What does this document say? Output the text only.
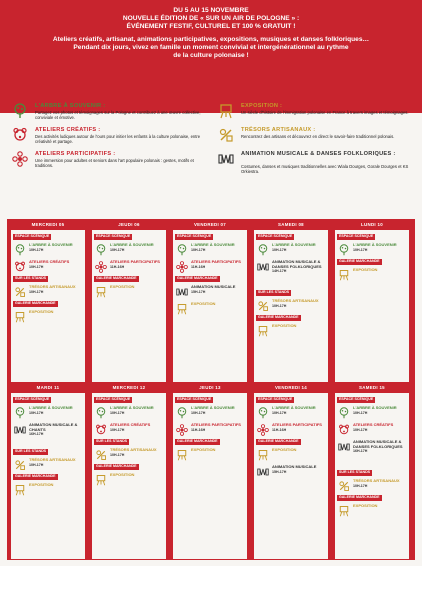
DU 5 AU 15 NOVEMBRE
NOUVELLE ÉDITION DE « SUR UN AIR DE POLOGNE » :
ÉVÉNEMENT FESTIF, CULTUREL ET 100 % GRATUIT !
Ateliers créatifs, artisanat, animations participatives, expositions, musiques et danses folkloriques…
Pendant dix jours, vivez en famille un moment convivial et intergénérationnel au rythme
de la culture polonaise !
L'ARBRE À SOUVENIR :
Partagez vos photos et témoignages sur la Pologne et contribuez à une œuvre collective, conviviale et émotive.
ATELIERS CRÉATIFS :
Des activités ludiques autour de l'ours pour initier les enfants à la culture polonaise, entre créativité et partage.
ATELIERS PARTICIPATIFS :
Une immersion pour adultes et seniors dans l'art populaire polonais : gestes, motifs et traditions.
EXPOSITION :
Un siècle d'histoire de l'immigration polonaise en France à travers images et témoignages.
TRÉSORS ARTISANAUX :
Rencontrez des artisans et découvrez en direct le savoir-faire traditionnel polonais.
ANIMATION MUSICALE & DANSES FOLKLORIQUES :
Costumes, danses et musiques traditionnelles avec Wiala Dourges, Gorale Dourges et KS Orkiestra.
MERCREDI 05
ESPACE SCÉNIQUE
L'ARBRE À SOUVENIR

10H-17H
ATELIERS CRÉATIFS

10H-17H
SUR LES STANDS
TRÉSORS ARTISANAUX

10H-17H
GALERIE MARCHANDE
EXPOSITION
JEUDI 06
ESPACE SCÉNIQUE
L'ARBRE À SOUVENIR

10H-17H
ATELIERS PARTICIPATIFS

11H-16H
GALERIE MARCHANDE
EXPOSITION
VENDREDI 07
ESPACE SCÉNIQUE
L'ARBRE À SOUVENIR

10H-17H
ATELIERS PARTICIPATIFS

11H-16H
GALERIE MARCHANDE
ANIMATION MUSICALE

15H-17H
EXPOSITION
SAMEDI 08
ESPACE SCÉNIQUE
L'ARBRE À SOUVENIR

10H-17H
ANIMATION MUSICALE & DANSES FOLKLORIQUES

14H-17H
SUR LES STANDS
TRÉSORS ARTISANAUX

10H-17H
GALERIE MARCHANDE
EXPOSITION
LUNDI 10
ESPACE SCÉNIQUE
L'ARBRE À SOUVENIR

10H-17H
GALERIE MARCHANDE
EXPOSITION
MARDI 11
ESPACE SCÉNIQUE
L'ARBRE À SOUVENIR

10H-17H
ANIMATION MUSICALE & CHANTS

16H-17H
SUR LES STANDS
TRÉSORS ARTISANAUX

10H-17H
GALERIE MARCHANDE
EXPOSITION
MERCREDI 12
ESPACE SCÉNIQUE
L'ARBRE À SOUVENIR

10H-17H
ATELIERS CRÉATIFS

10H-17H
SUR LES STANDS
TRÉSORS ARTISANAUX

10H-17H
GALERIE MARCHANDE
EXPOSITION
JEUDI 13
ESPACE SCÉNIQUE
L'ARBRE À SOUVENIR

10H-17H
ATELIERS PARTICIPATIFS

11H-16H
GALERIE MARCHANDE
EXPOSITION
VENDREDI 14
ESPACE SCÉNIQUE
L'ARBRE À SOUVENIR

10H-17H
ATELIERS PARTICIPATIFS

11H-16H
GALERIE MARCHANDE
EXPOSITION
ANIMATION MUSICALE

15H-17H
SAMEDI 15
ESPACE SCÉNIQUE
L'ARBRE À SOUVENIR

10H-17H
ATELIERS CRÉATIFS

10H-17H
ANIMATION MUSICALE & DANSES FOLKLORIQUES

16H-17H
SUR LES STANDS
TRÉSORS ARTISANAUX

10H-17H
GALERIE MARCHANDE
EXPOSITION
